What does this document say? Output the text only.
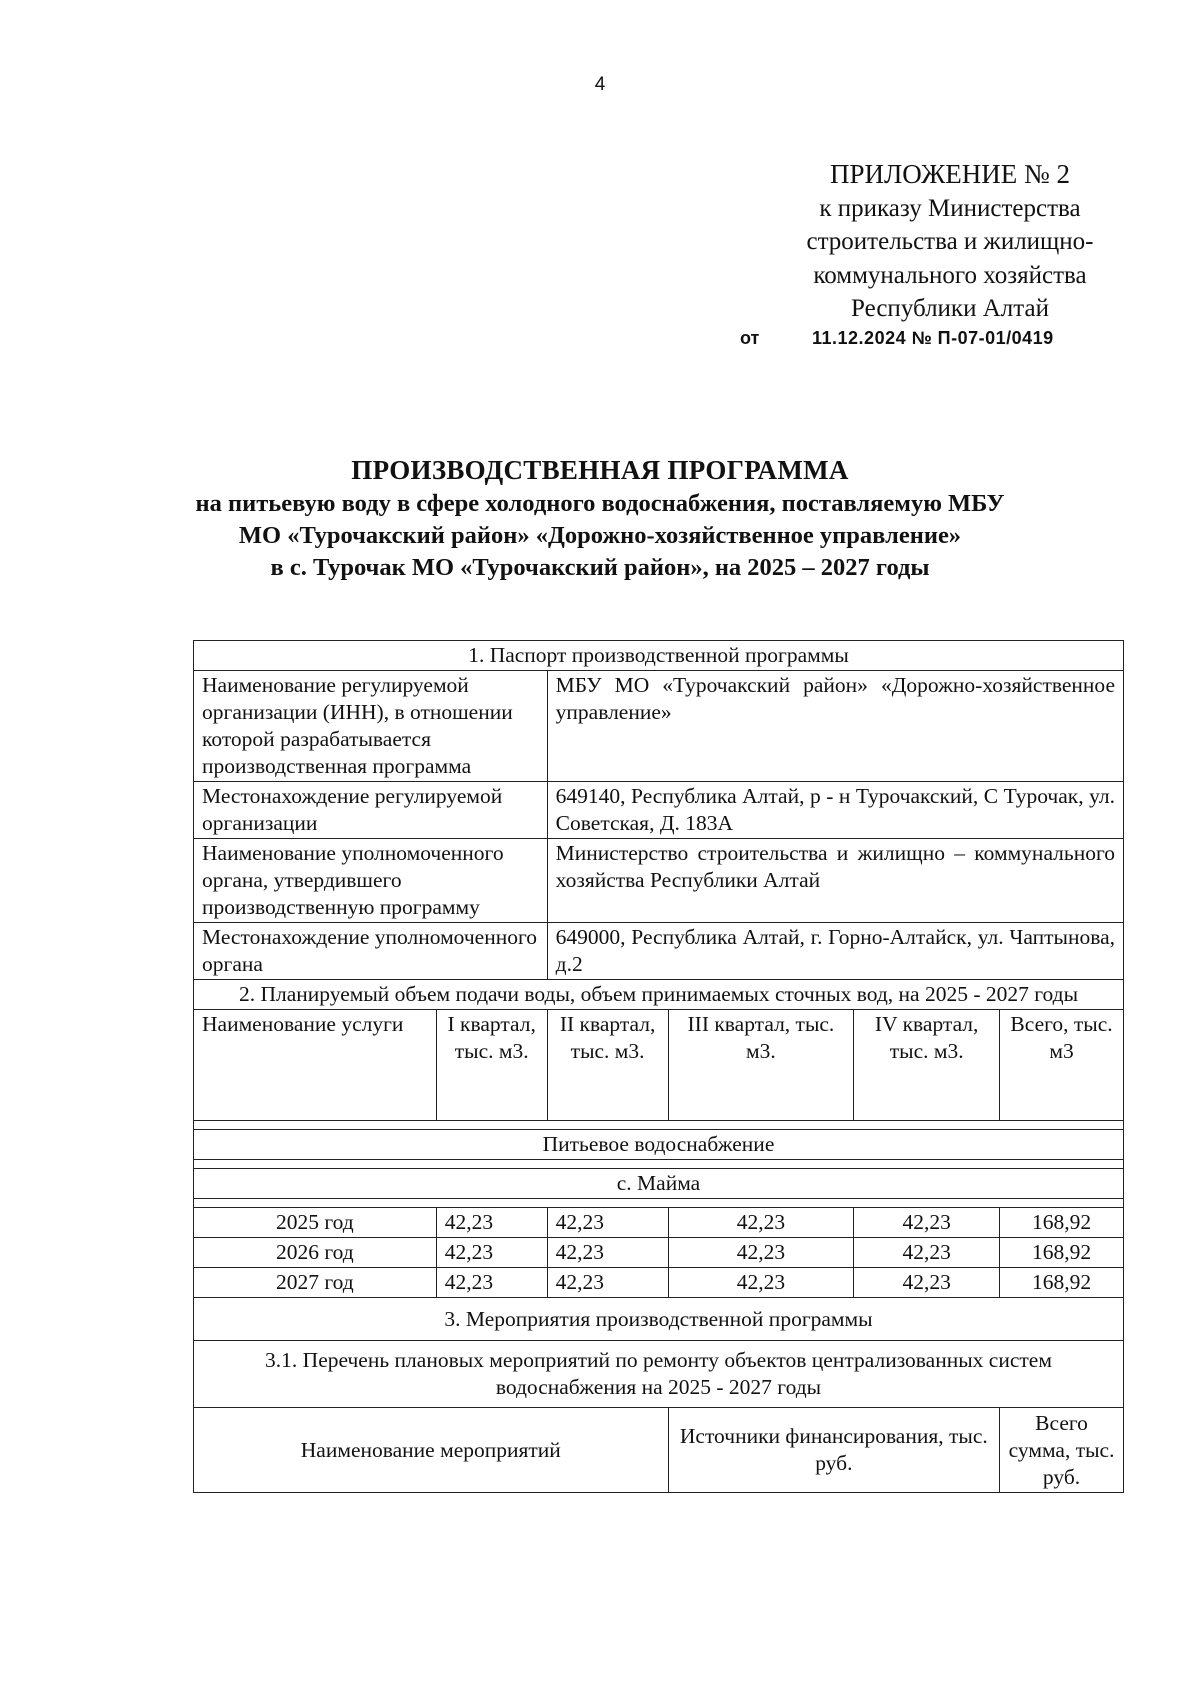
4
ПРИЛОЖЕНИЕ № 2
к приказу Министерства
строительства и жилищно-
коммунального хозяйства
Республики Алтай
от	11.12.2024 № П-07-01/0419
ПРОИЗВОДСТВЕННАЯ ПРОГРАММА
на питьевую воду в сфере холодного водоснабжения, поставляемую МБУ
МО «Турочакский район» «Дорожно-хозяйственное управление»
в с. Турочак МО «Турочакский район», на 2025 – 2027 годы
1. Паспорт производственной программы					
Наименование регулируемой организации (ИНН), в отношении которой разрабатывается производственная программа		МБУ МО «Турочакский район» «Дорожно-хозяйственное управление»			
Местонахождение регулируемой организации		649140, Республика Алтай, р - н Турочакский, С Турочак, ул. Советская, Д. 183А			
Наименование уполномоченного органа, утвердившего производственную программу		Министерство строительства и жилищно – коммунального хозяйства Республики Алтай			
Местонахождение уполномоченного органа		649000, Республика Алтай, г. Горно-Алтайск, ул. Чаптынова, д.2			
2. Планируемый объем подачи воды, объем принимаемых сточных вод, на 2025 - 2027 годы					
Наименование услуги	I квартал, тыс. м3.	II квартал, тыс. м3.	III квартал, тыс. м3.	IV квартал, тыс. м3.	Всего, тыс. м3

Питьевое водоснабжение					

с. Майма					

2025 год	42,23	42,23	42,23	42,23	168,92
2026 год	42,23	42,23	42,23	42,23	168,92
2027 год	42,23	42,23	42,23	42,23	168,92
3. Мероприятия производственной программы					
3.1. Перечень плановых мероприятий по ремонту объектов централизованных систем водоснабжения на 2025 - 2027 годы					
Наименование мероприятий			Источники финансирования, тыс. руб.		Всего сумма, тыс. руб.
